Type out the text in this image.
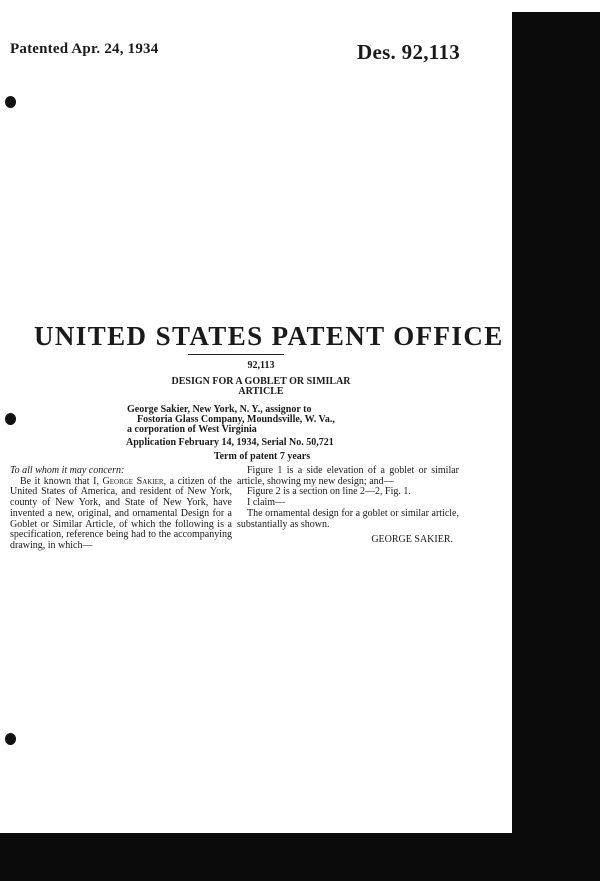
Patented Apr. 24, 1934	Des. 92,113
UNITED STATES PATENT OFFICE
92,113
DESIGN FOR A GOBLET OR SIMILAR
ARTICLE
George Sakier, New York, N. Y., assignor to
Fostoria Glass Company, Moundsville, W. Va.,
a corporation of West Virginia
Application February 14, 1934, Serial No. 50,721
Term of patent 7 years

To all whom it may concern:

Be it known that I, George Sakier, a citizen of the United States of America, and resident of New York, county of New York, and State of New York, have invented a new, original, and ornamental Design for a Goblet or Similar Article, of which the following is a specification, reference being had to the accompanying drawing, in which—

Figure 1 is a side elevation of a goblet or similar article, showing my new design; and—

Figure 2 is a section on line 2—2, Fig. 1.

I claim—

The ornamental design for a goblet or similar article, substantially as shown.

GEORGE SAKIER.
